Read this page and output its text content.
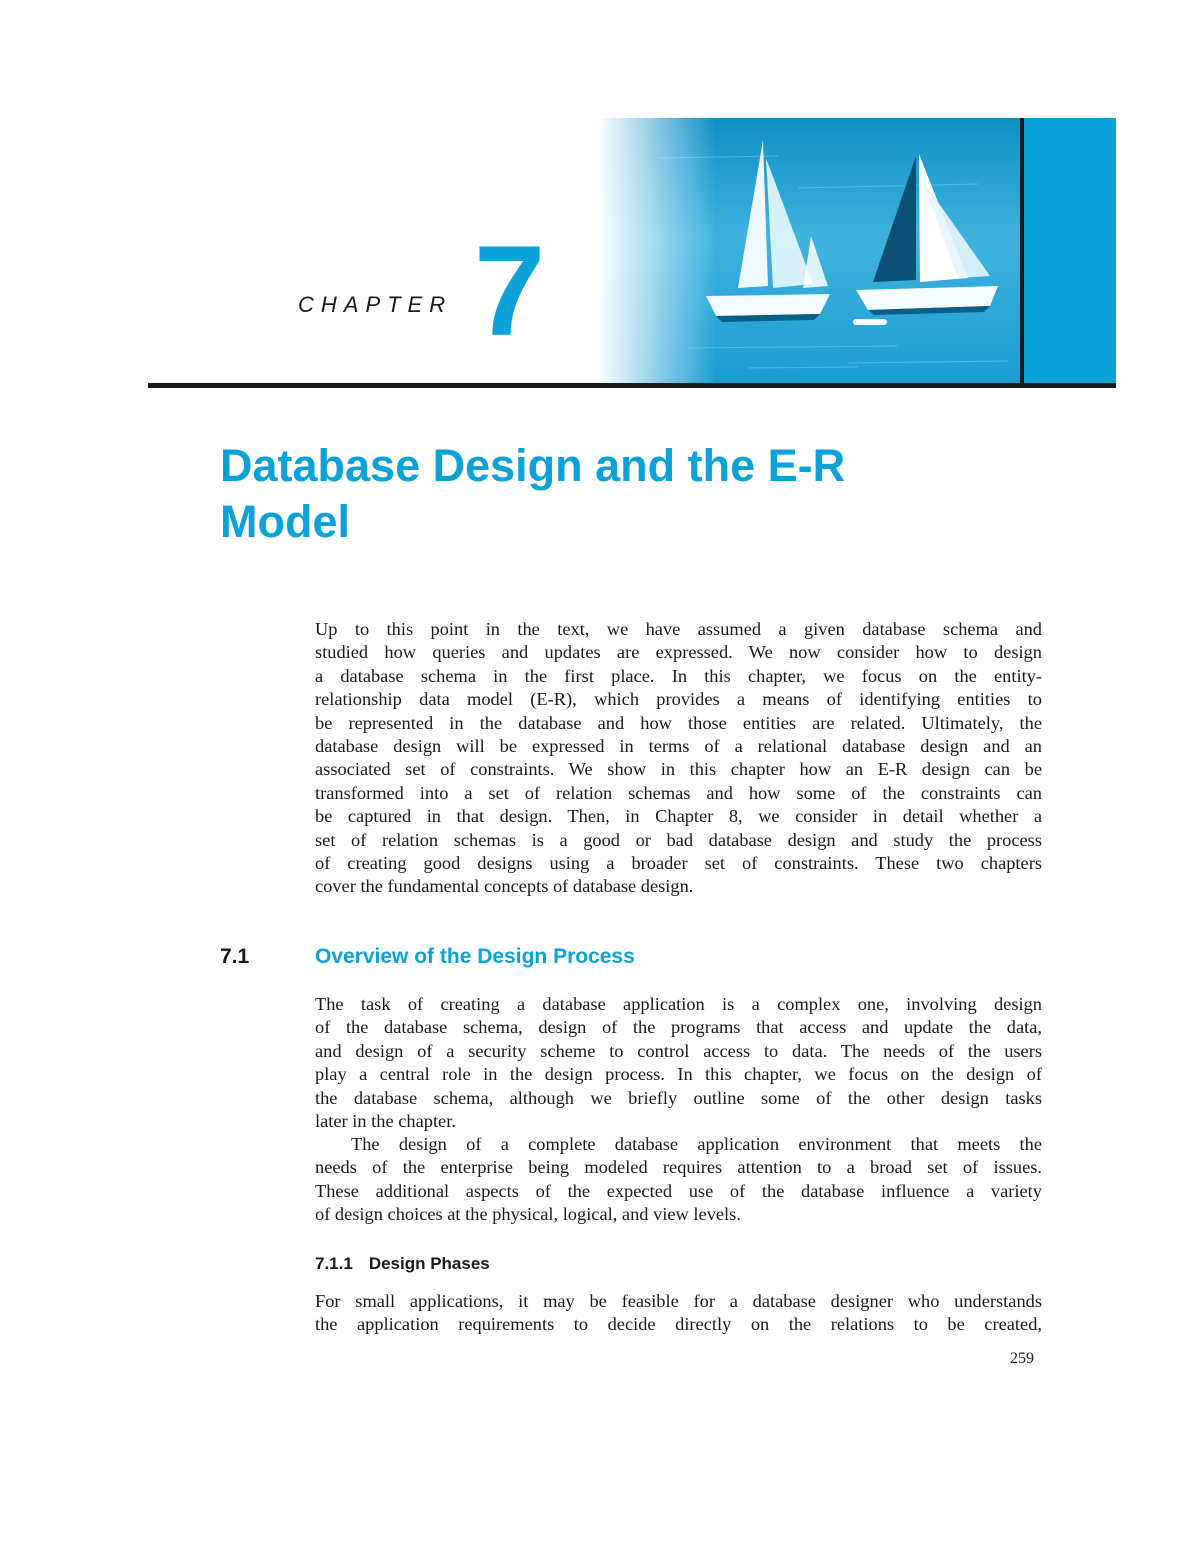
CHAPTER 7
Database Design and the E-R
Model

Up to this point in the text, we have assumed a given database schema and

studied how queries and updates are expressed. We now consider how to design

a database schema in the first place. In this chapter, we focus on the entity-

relationship data model (E-R), which provides a means of identifying entities to

be represented in the database and how those entities are related. Ultimately, the

database design will be expressed in terms of a relational database design and an

associated set of constraints. We show in this chapter how an E-R design can be

transformed into a set of relation schemas and how some of the constraints can

be captured in that design. Then, in Chapter 8, we consider in detail whether a

set of relation schemas is a good or bad database design and study the process

of creating good designs using a broader set of constraints. These two chapters

cover the fundamental concepts of database design.

7.1	Overview of the Design Process

The task of creating a database application is a complex one, involving design

of the database schema, design of the programs that access and update the data,

and design of a security scheme to control access to data. The needs of the users

play a central role in the design process. In this chapter, we focus on the design of

the database schema, although we briefly outline some of the other design tasks

later in the chapter.

The design of a complete database application environment that meets the

needs of the enterprise being modeled requires attention to a broad set of issues.

These additional aspects of the expected use of the database influence a variety

of design choices at the physical, logical, and view levels.

7.1.1 Design Phases

For small applications, it may be feasible for a database designer who understands

the application requirements to decide directly on the relations to be created,

259
